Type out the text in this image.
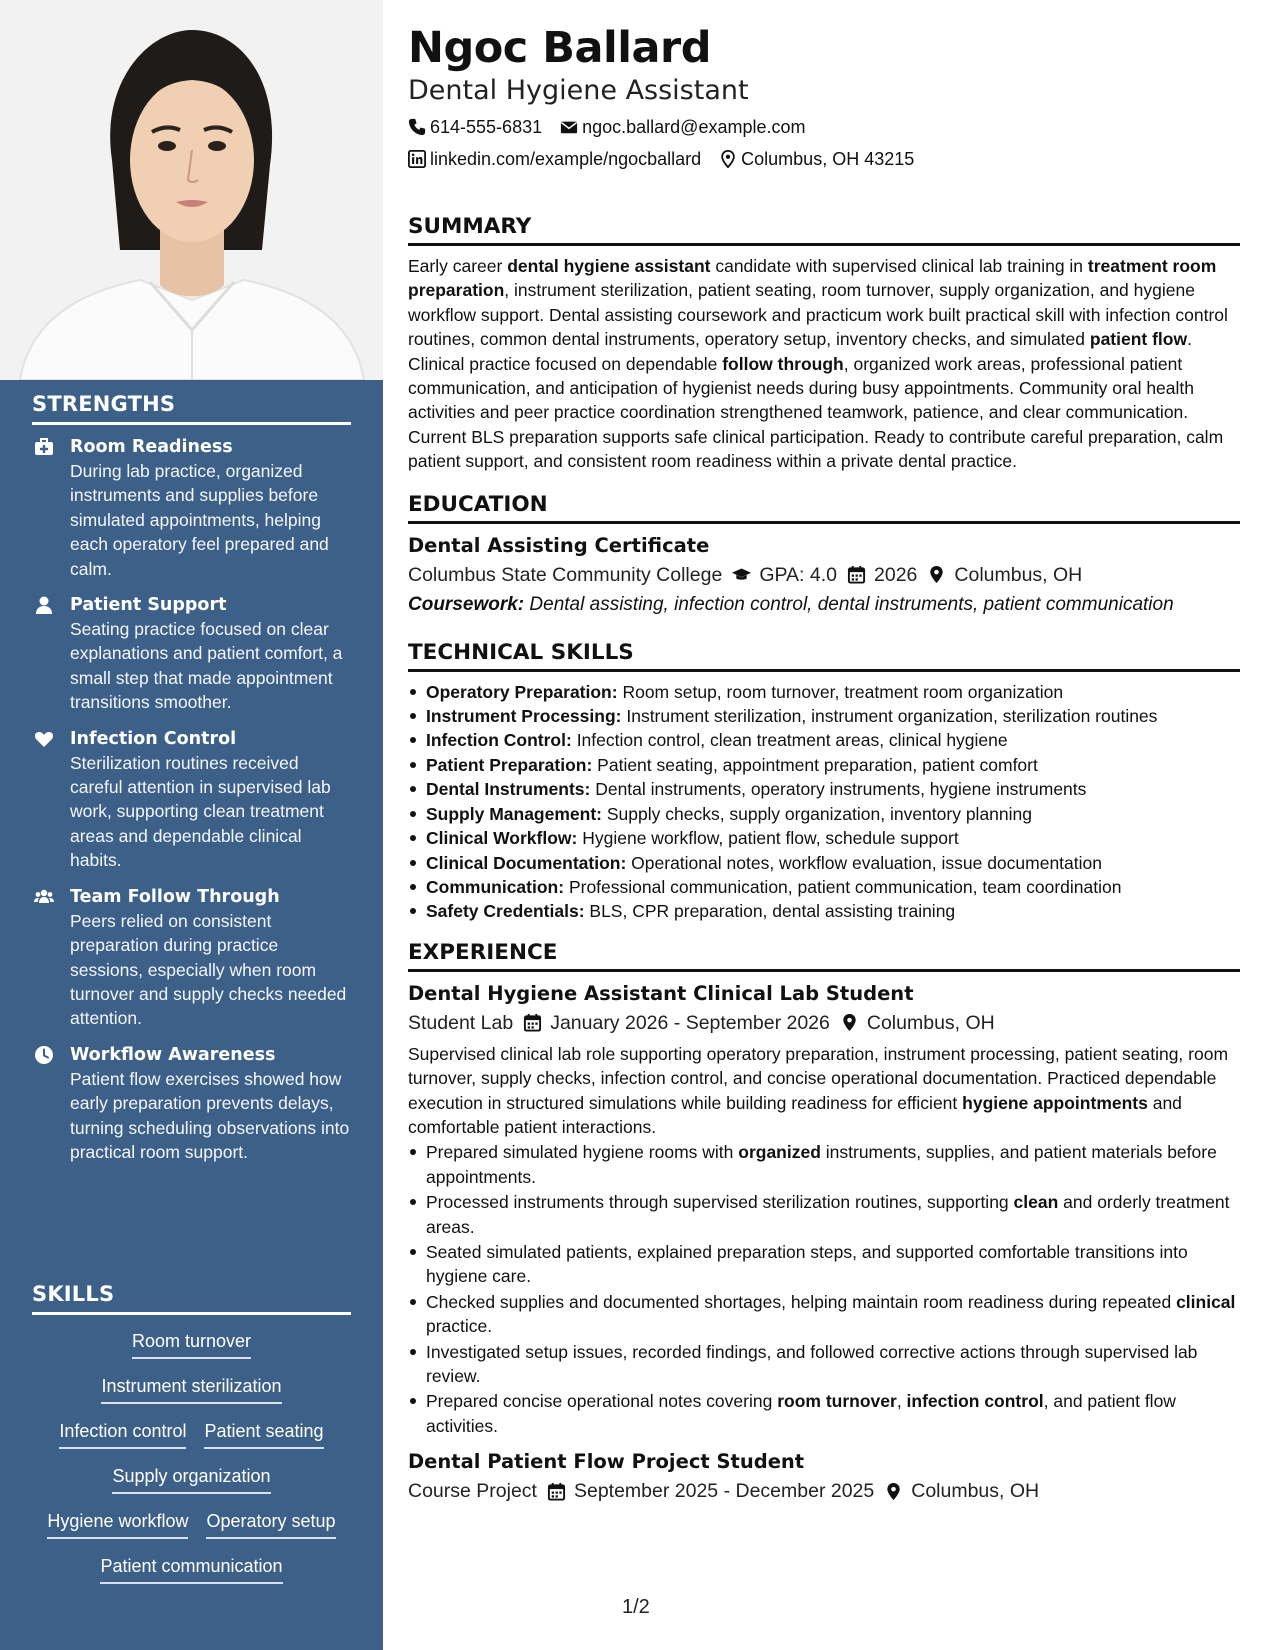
STRENGTHS
Room Readiness
During lab practice, organized instruments and supplies before simulated appointments, helping each operatory feel prepared and calm.
Patient Support
Seating practice focused on clear explanations and patient comfort, a small step that made appointment transitions smoother.
Infection Control
Sterilization routines received careful attention in supervised lab work, supporting clean treatment areas and dependable clinical habits.
Team Follow Through
Peers relied on consistent preparation during practice sessions, especially when room turnover and supply checks needed attention.
Workflow Awareness
Patient flow exercises showed how early preparation prevents delays, turning scheduling observations into practical room support.
SKILLS
Room turnover
Instrument sterilization
Infection control Patient seating
Supply organization
Hygiene workflow Operatory setup
Patient communication
Ngoc Ballard
Dental Hygiene Assistant
614-555-6831 ngoc.ballard@example.com
linkedin.com/example/ngocballard Columbus, OH 43215
SUMMARY
Early career dental hygiene assistant candidate with supervised clinical lab training in treatment room preparation, instrument sterilization, patient seating, room turnover, supply organization, and hygiene workflow support. Dental assisting coursework and practicum work built practical skill with infection control routines, common dental instruments, operatory setup, inventory checks, and simulated patient flow. Clinical practice focused on dependable follow through, organized work areas, professional patient communication, and anticipation of hygienist needs during busy appointments. Community oral health activities and peer practice coordination strengthened teamwork, patience, and clear communication. Current BLS preparation supports safe clinical participation. Ready to contribute careful preparation, calm patient support, and consistent room readiness within a private dental practice.
EDUCATION
Dental Assisting Certificate
Columbus State Community College GPA: 4.0 2026 Columbus, OH
Coursework: Dental assisting, infection control, dental instruments, patient communication
TECHNICAL SKILLS
Operatory Preparation: Room setup, room turnover, treatment room organization
Instrument Processing: Instrument sterilization, instrument organization, sterilization routines
Infection Control: Infection control, clean treatment areas, clinical hygiene
Patient Preparation: Patient seating, appointment preparation, patient comfort
Dental Instruments: Dental instruments, operatory instruments, hygiene instruments
Supply Management: Supply checks, supply organization, inventory planning
Clinical Workflow: Hygiene workflow, patient flow, schedule support
Clinical Documentation: Operational notes, workflow evaluation, issue documentation
Communication: Professional communication, patient communication, team coordination
Safety Credentials: BLS, CPR preparation, dental assisting training
EXPERIENCE
Dental Hygiene Assistant Clinical Lab Student
Student Lab January 2026 - September 2026 Columbus, OH
Supervised clinical lab role supporting operatory preparation, instrument processing, patient seating, room turnover, supply checks, infection control, and concise operational documentation. Practiced dependable execution in structured simulations while building readiness for efficient hygiene appointments and comfortable patient interactions.
Prepared simulated hygiene rooms with organized instruments, supplies, and patient materials before appointments.
Processed instruments through supervised sterilization routines, supporting clean and orderly treatment areas.
Seated simulated patients, explained preparation steps, and supported comfortable transitions into hygiene care.
Checked supplies and documented shortages, helping maintain room readiness during repeated clinical practice.
Investigated setup issues, recorded findings, and followed corrective actions through supervised lab review.
Prepared concise operational notes covering room turnover, infection control, and patient flow activities.
Dental Patient Flow Project Student
Course Project September 2025 - December 2025 Columbus, OH
1/2
